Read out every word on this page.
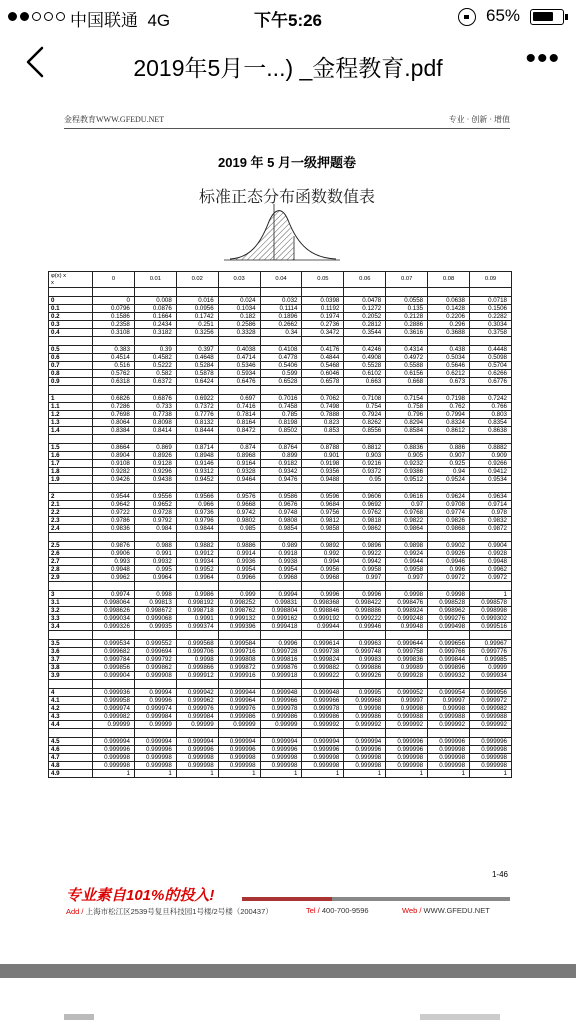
中国联通 4G	下午5:26	65%
2019年5月一...) _金程教育.pdf	•••
金程教育WWW.GFEDU.NET	专业 · 创新 · 增值
2019 年 5 月一级押题卷
标准正态分布函数数值表
φ(x) x
x	0	0.01	0.02	0.03	0.04	0.05	0.06	0.07	0.08	0.09

0	0	0.008	0.016	0.024	0.032	0.0398	0.0478	0.0558	0.0638	0.0718
0.1	0.0796	0.0876	0.0956	0.1034	0.1114	0.1192	0.1272	0.135	0.1428	0.1506
0.2	0.1586	0.1664	0.1742	0.182	0.1896	0.1974	0.2052	0.2128	0.2206	0.2282
0.3	0.2358	0.2434	0.251	0.2586	0.2662	0.2736	0.2812	0.2886	0.296	0.3034
0.4	0.3108	0.3182	0.3256	0.3328	0.34	0.3472	0.3544	0.3616	0.3688	0.3758

0.5	0.383	0.39	0.397	0.4038	0.4108	0.4176	0.4246	0.4314	0.438	0.4448
0.6	0.4514	0.4582	0.4648	0.4714	0.4778	0.4844	0.4908	0.4972	0.5034	0.5098
0.7	0.516	0.5222	0.5284	0.5346	0.5406	0.5468	0.5528	0.5588	0.5646	0.5704
0.8	0.5762	0.582	0.5878	0.5934	0.599	0.6046	0.6102	0.6156	0.6212	0.6266
0.9	0.6318	0.6372	0.6424	0.6476	0.6528	0.6578	0.663	0.668	0.673	0.6776

1	0.6826	0.6876	0.6922	0.697	0.7016	0.7062	0.7108	0.7154	0.7198	0.7242
1.1	0.7286	0.733	0.7372	0.7416	0.7458	0.7498	0.754	0.758	0.762	0.766
1.2	0.7698	0.7738	0.7776	0.7814	0.785	0.7888	0.7924	0.796	0.7994	0.803
1.3	0.8064	0.8098	0.8132	0.8164	0.8198	0.823	0.8262	0.8294	0.8324	0.8354
1.4	0.8384	0.8414	0.8444	0.8472	0.8502	0.853	0.8556	0.8584	0.8612	0.8638

1.5	0.8664	0.869	0.8714	0.874	0.8764	0.8788	0.8812	0.8836	0.886	0.8882
1.6	0.8904	0.8926	0.8948	0.8968	0.899	0.901	0.903	0.905	0.907	0.909
1.7	0.9108	0.9128	0.9146	0.9164	0.9182	0.9198	0.9216	0.9232	0.925	0.9266
1.8	0.9282	0.9296	0.9312	0.9328	0.9342	0.9356	0.9372	0.9386	0.94	0.9412
1.9	0.9426	0.9438	0.9452	0.9464	0.9476	0.9488	0.95	0.9512	0.9524	0.9534

2	0.9544	0.9556	0.9566	0.9576	0.9586	0.9596	0.9606	0.9616	0.9624	0.9634
2.1	0.9642	0.9652	0.966	0.9668	0.9676	0.9684	0.9692	0.97	0.9708	0.9714
2.2	0.9722	0.9728	0.9736	0.9742	0.9748	0.9756	0.9762	0.9768	0.9774	0.978
2.3	0.9786	0.9792	0.9796	0.9802	0.9808	0.9812	0.9818	0.9822	0.9826	0.9832
2.4	0.9836	0.984	0.9844	0.985	0.9854	0.9858	0.9862	0.9864	0.9868	0.9872

2.5	0.9876	0.988	0.9882	0.9886	0.989	0.9892	0.9896	0.9898	0.9902	0.9904
2.6	0.9906	0.991	0.9912	0.9914	0.9918	0.992	0.9922	0.9924	0.9926	0.9928
2.7	0.993	0.9932	0.9934	0.9936	0.9938	0.994	0.9942	0.9944	0.9946	0.9948
2.8	0.9948	0.995	0.9952	0.9954	0.9954	0.9956	0.9958	0.9958	0.996	0.9962
2.9	0.9962	0.9964	0.9964	0.9966	0.9968	0.9968	0.997	0.997	0.9972	0.9972

3	0.9974	0.998	0.9986	0.999	0.9994	0.9996	0.9996	0.9998	0.9998	1
3.1	0.998064	0.99813	0.998192	0.998252	0.99831	0.998368	0.998422	0.998476	0.998528	0.998578
3.2	0.998626	0.998672	0.998718	0.998762	0.998804	0.998846	0.998886	0.998924	0.998962	0.998998
3.3	0.999034	0.999068	0.9991	0.999132	0.999162	0.999192	0.999222	0.999248	0.999276	0.999302
3.4	0.999326	0.99935	0.999374	0.999396	0.999418	0.99944	0.99946	0.99948	0.999498	0.999516

3.5	0.999534	0.999552	0.999568	0.999584	0.9996	0.999614	0.99963	0.999644	0.999656	0.99967
3.6	0.999682	0.999694	0.999706	0.999716	0.999728	0.999738	0.999748	0.999758	0.999766	0.999776
3.7	0.999784	0.999792	0.9998	0.999808	0.999816	0.999824	0.99983	0.999836	0.999844	0.99985
3.8	0.999856	0.999862	0.999866	0.999872	0.999876	0.999882	0.999886	0.99989	0.999896	0.9999
3.9	0.999904	0.999908	0.999912	0.999916	0.999918	0.999922	0.999926	0.999928	0.999932	0.999934

4	0.999936	0.99994	0.999942	0.999944	0.999948	0.999948	0.99995	0.999952	0.999954	0.999956
4.1	0.999958	0.99996	0.999962	0.999964	0.999966	0.999966	0.999968	0.99997	0.99997	0.999972
4.2	0.999974	0.999974	0.999976	0.999976	0.999978	0.999978	0.99998	0.99998	0.99998	0.999982
4.3	0.999982	0.999984	0.999984	0.999986	0.999986	0.999986	0.999986	0.999988	0.999988	0.999988
4.4	0.99999	0.99999	0.99999	0.99999	0.99999	0.999992	0.999992	0.999992	0.999992	0.999992

4.5	0.999994	0.999994	0.999994	0.999994	0.999994	0.999994	0.999994	0.999996	0.999996	0.999996
4.6	0.999996	0.999996	0.999996	0.999996	0.999996	0.999996	0.999996	0.999996	0.999998	0.999998
4.7	0.999998	0.999998	0.999998	0.999998	0.999998	0.999998	0.999998	0.999998	0.999998	0.999998
4.8	0.999998	0.999998	0.999998	0.999998	0.999998	0.999998	0.999998	0.999998	0.999998	0.999998
4.9	1	1	1	1	1	1	1	1	1	1
1-46
专业素自101%的投入!
Add / 上海市松江区2539号复旦科技园1号楼/2号楼（200437）	Tel / 400-700-9596	Web / WWW.GFEDU.NET
